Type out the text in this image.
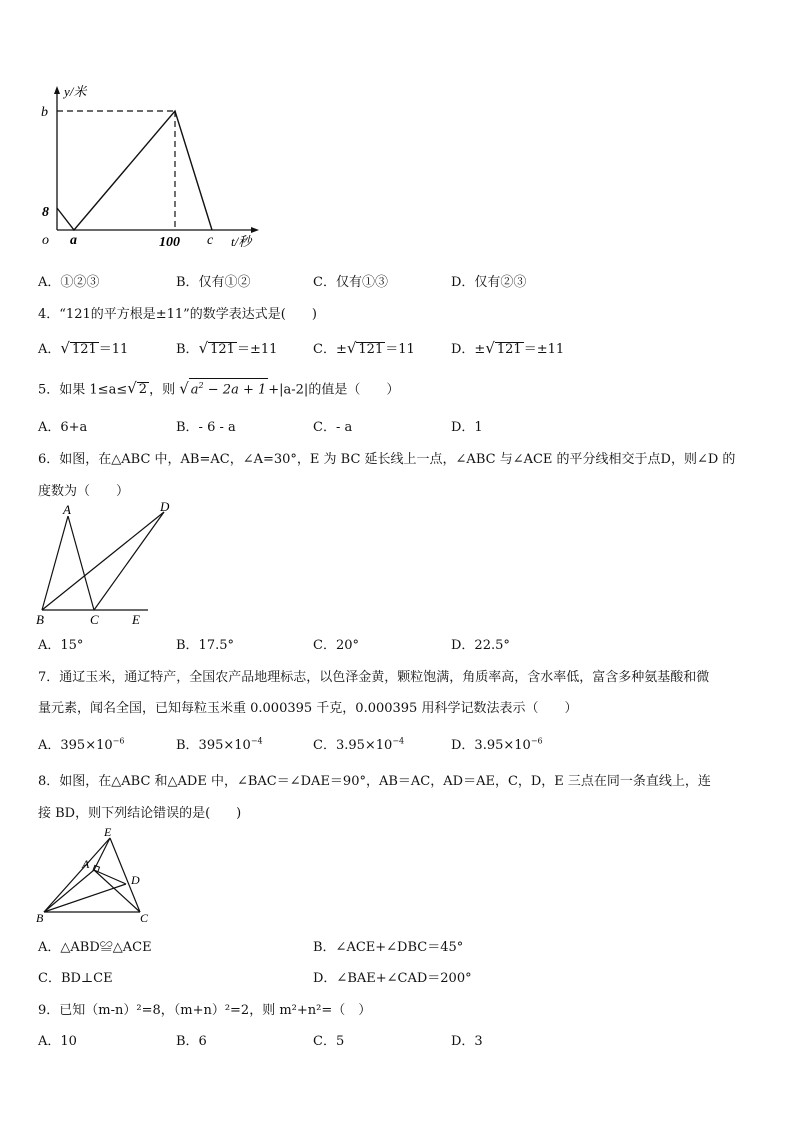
y/米
b
8
o a	100 c t/秒
A．①②③	B．仅有①②	C．仅有①③	D．仅有②③
4．“121的平方根是±11”的数学表达式是(　　)
A．√ 121 ＝11	B．√ 121 ＝±11	C．±√ 121 ＝11	D．±√ 121 ＝±11
5．如果 1≤a≤√ 2 ，则 √ $a^2 - 2a + 1 +|a-2|$的值是（　　）
A．6+a	B．- 6 - a	C．- a	D．1
6．如图，在△ABC 中，AB=AC，∠A=30°，E 为 BC 延长线上一点，∠ABC 与∠ACE 的平分线相交于点D，则∠D 的
度数为（　　）
A	D
B	C	E
A．15°	B．17.5°	C．20°	D．22.5°
7．通辽玉米，通辽特产，全国农产品地理标志，以色泽金黄，颗粒饱满，角质率高，含水率低，富含多种氨基酸和微
量元素，闻名全国，已知每粒玉米重 0.000395 千克，0.000395 用科学记数法表示（　　）
A．$395\times 10^{-6}$	B．$395\times 10^{-4}$	C．$3.95\times 10^{-4}$	D．$3.95\times 10^{-6}$
8．如图，在△ABC 和△ADE 中，∠BAC＝∠DAE＝90°，AB＝AC，AD＝AE，C，D，E 三点在同一条直线上，连
接 BD，则下列结论错误的是(　　)
E
A
D
B	C
A．△ABD≌△ACE	B．∠ACE+∠DBC＝45°
C．BD⊥CE	D．∠BAE+∠CAD＝200°
9．已知（m-n）²=8，（m+n）²=2，则 m²+n²=（　）
A．10	B．6	C．5	D．3
